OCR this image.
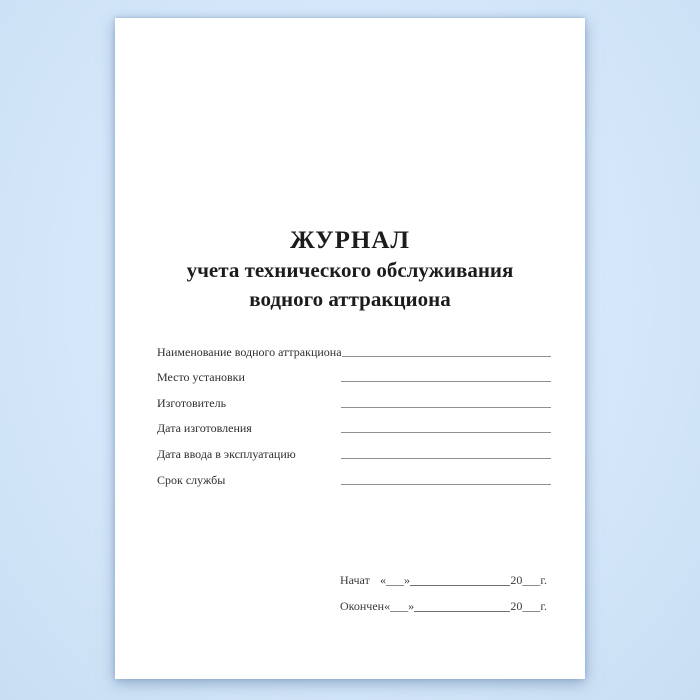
ЖУРНАЛ
учета технического обслуживания
водного аттракциона
Наименование водного аттракциона
Место установки
Изготовитель
Дата изготовления
Дата ввода в эксплуатацию
Срок службы
Начат «___»	20___г.
Окончен «___»	20___г.
